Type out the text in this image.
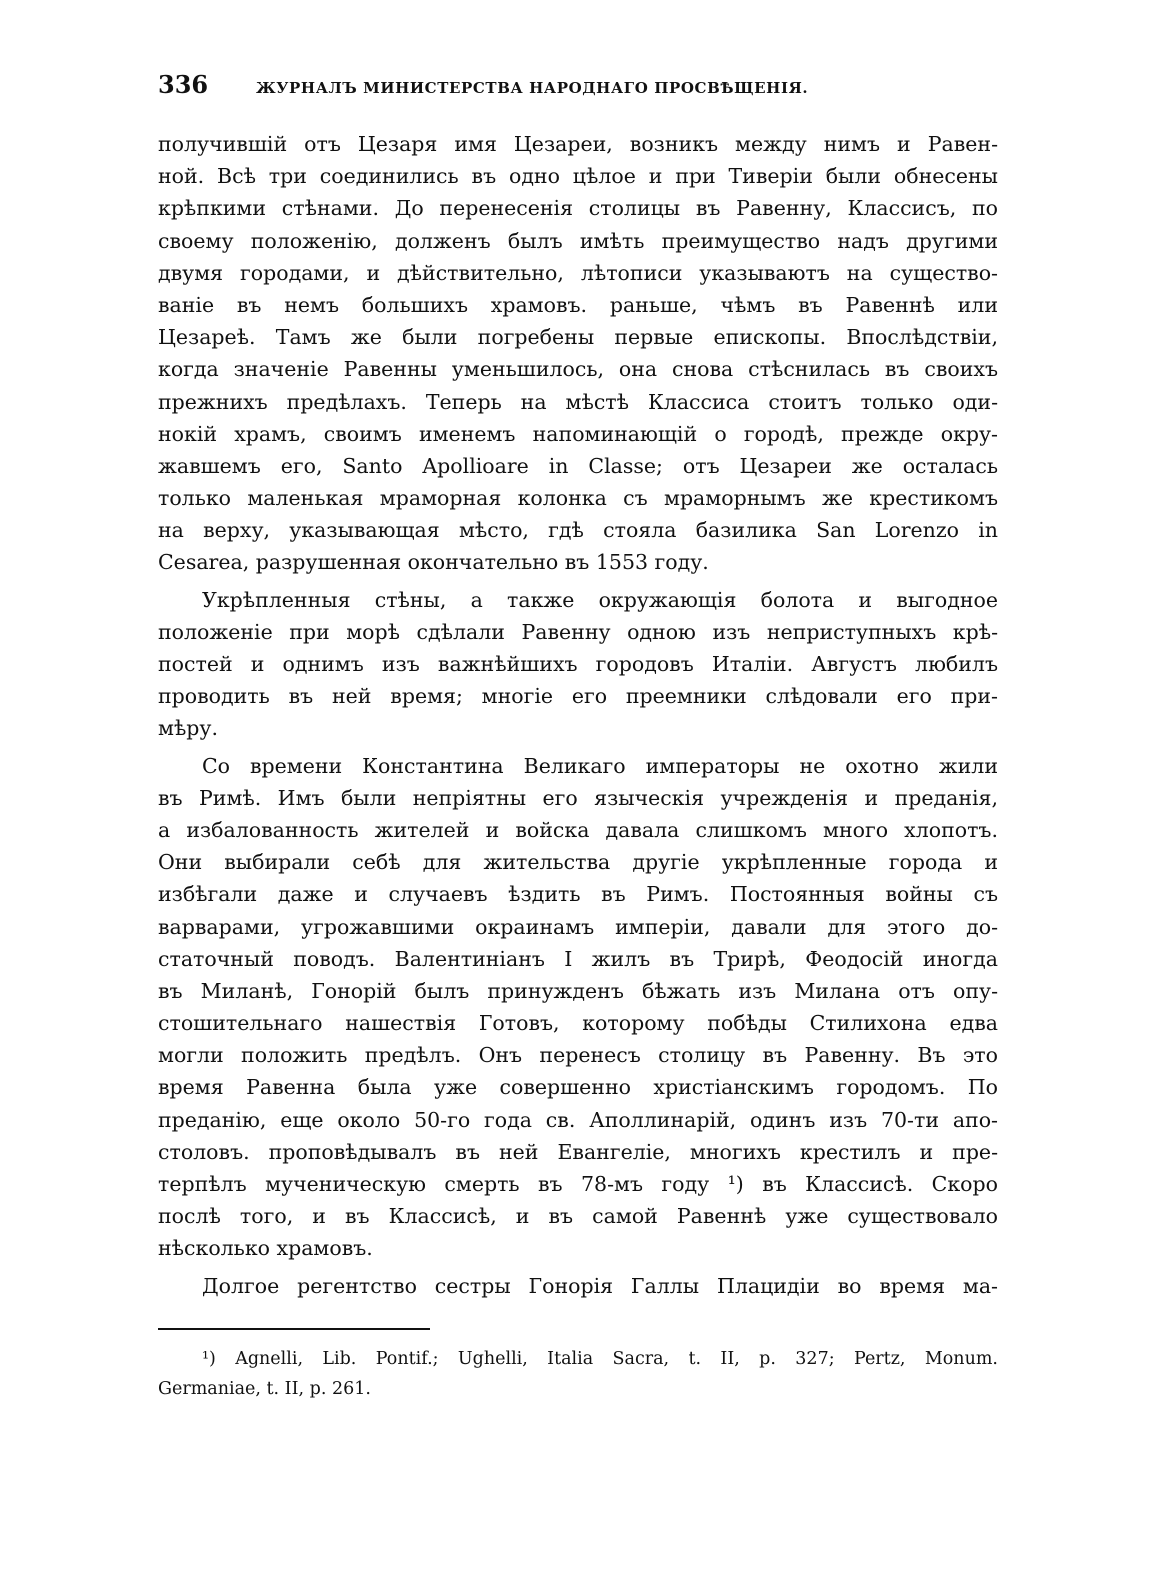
336	ЖУРНАЛЪ МИНИСТЕРСТВА НАРОДНАГО ПРОСВѢЩЕНІЯ.
получившій отъ Цезаря имя Цезареи, возникъ между нимъ и Равен-
ной. Всѣ три соединились въ одно цѣлое и при Тиверіи были обнесены
крѣпкими стѣнами. До перенесенія столицы въ Равенну, Классисъ, по
своему положенію, долженъ былъ имѣть преимущество надъ другими
двумя городами, и дѣйствительно, лѣтописи указываютъ на существо-
ваніе въ немъ большихъ храмовъ. раньше, чѣмъ въ Равеннѣ или
Цезареѣ. Тамъ же были погребены первые епископы. Впослѣдствіи,
когда значеніе Равенны уменьшилось, она снова стѣснилась въ своихъ
прежнихъ предѣлахъ. Теперь на мѣстѣ Классиса стоитъ только оди-
нокій храмъ, своимъ именемъ напоминающій о городѣ, прежде окру-
жавшемъ его, Santo Apollioare in Classe; отъ Цезареи же осталась
только маленькая мраморная колонка съ мраморнымъ же крестикомъ
на верху, указывающая мѣсто, гдѣ стояла базилика San Lorenzo in
Cesarea, разрушенная окончательно въ 1553 году.
Укрѣпленныя стѣны, а также окружающія болота и выгодное
положеніе при морѣ сдѣлали Равенну одною изъ неприступныхъ крѣ-
постей и однимъ изъ важнѣйшихъ городовъ Италіи. Августъ любилъ
проводить въ ней время; многіе его преемники слѣдовали его при-
мѣру.
Со времени Константина Великаго императоры не охотно жили
въ Римѣ. Имъ были непріятны его языческія учрежденія и преданія,
а избалованность жителей и войска давала слишкомъ много хлопотъ.
Они выбирали себѣ для жительства другіе укрѣпленные города и
избѣгали даже и случаевъ ѣздить въ Римъ. Постоянныя войны съ
варварами, угрожавшими окраинамъ имперіи, давали для этого до-
статочный поводъ. Валентиніанъ I жилъ въ Трирѣ, Феодосій иногда
въ Миланѣ, Гонорій былъ принужденъ бѣжать изъ Милана отъ опу-
стошительнаго нашествія Готовъ, которому побѣды Стилихона едва
могли положить предѣлъ. Онъ перенесъ столицу въ Равенну. Въ это
время Равенна была уже совершенно христіанскимъ городомъ. По
преданію, еще около 50-го года св. Аполлинарій, одинъ изъ 70-ти апо-
столовъ. проповѣдывалъ въ ней Евангеліе, многихъ крестилъ и пре-
терпѣлъ мученическую смерть въ 78-мъ году ¹) въ Классисѣ. Скоро
послѣ того, и въ Классисѣ, и въ самой Равеннѣ уже существовало
нѣсколько храмовъ.
Долгое регентство сестры Гонорія Галлы Плацидіи во время ма-
¹) Agnelli, Lib. Pontif.; Ughelli, Italia Sacra, t. II, p. 327; Pertz, Monum.
Germaniae, t. II, p. 261.
